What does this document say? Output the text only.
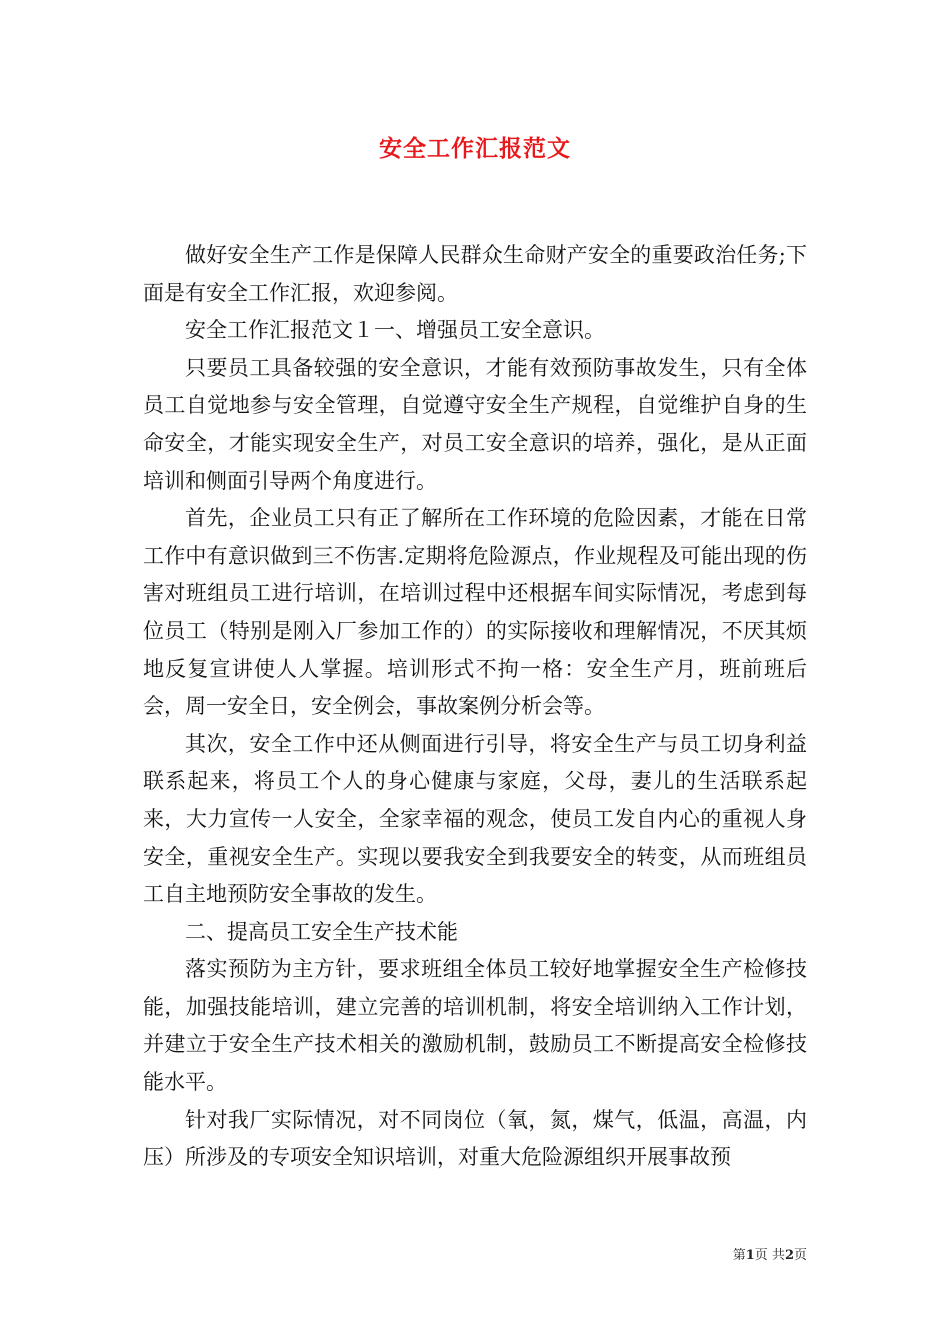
安全工作汇报范文

做好安全生产工作是保障人民群众生命财产安全的重要政治任务;下面是有安全工作汇报，欢迎参阅。

安全工作汇报范文１一、增强员工安全意识。

只要员工具备较强的安全意识，才能有效预防事故发生，只有全体员工自觉地参与安全管理，自觉遵守安全生产规程，自觉维护自身的生命安全，才能实现安全生产，对员工安全意识的培养，强化，是从正面培训和侧面引导两个角度进行。

首先，企业员工只有正了解所在工作环境的危险因素，才能在日常工作中有意识做到三不伤害.定期将危险源点，作业规程及可能出现的伤害对班组员工进行培训，在培训过程中还根据车间实际情况，考虑到每位员工（特别是刚入厂参加工作的）的实际接收和理解情况，不厌其烦地反复宣讲使人人掌握。培训形式不拘一格：安全生产月，班前班后会，周一安全日，安全例会，事故案例分析会等。

其次，安全工作中还从侧面进行引导，将安全生产与员工切身利益联系起来，将员工个人的身心健康与家庭，父母，妻儿的生活联系起来，大力宣传一人安全，全家幸福的观念，使员工发自内心的重视人身安全，重视安全生产。实现以要我安全到我要安全的转变，从而班组员工自主地预防安全事故的发生。

二、提高员工安全生产技术能

落实预防为主方针，要求班组全体员工较好地掌握安全生产检修技能，加强技能培训，建立完善的培训机制，将安全培训纳入工作计划，并建立于安全生产技术相关的激励机制，鼓励员工不断提高安全检修技能水平。

针对我厂实际情况，对不同岗位（氧，氮，煤气，低温，高温，内压）所涉及的专项安全知识培训，对重大危险源组织开展事故预

第1页 共2页
